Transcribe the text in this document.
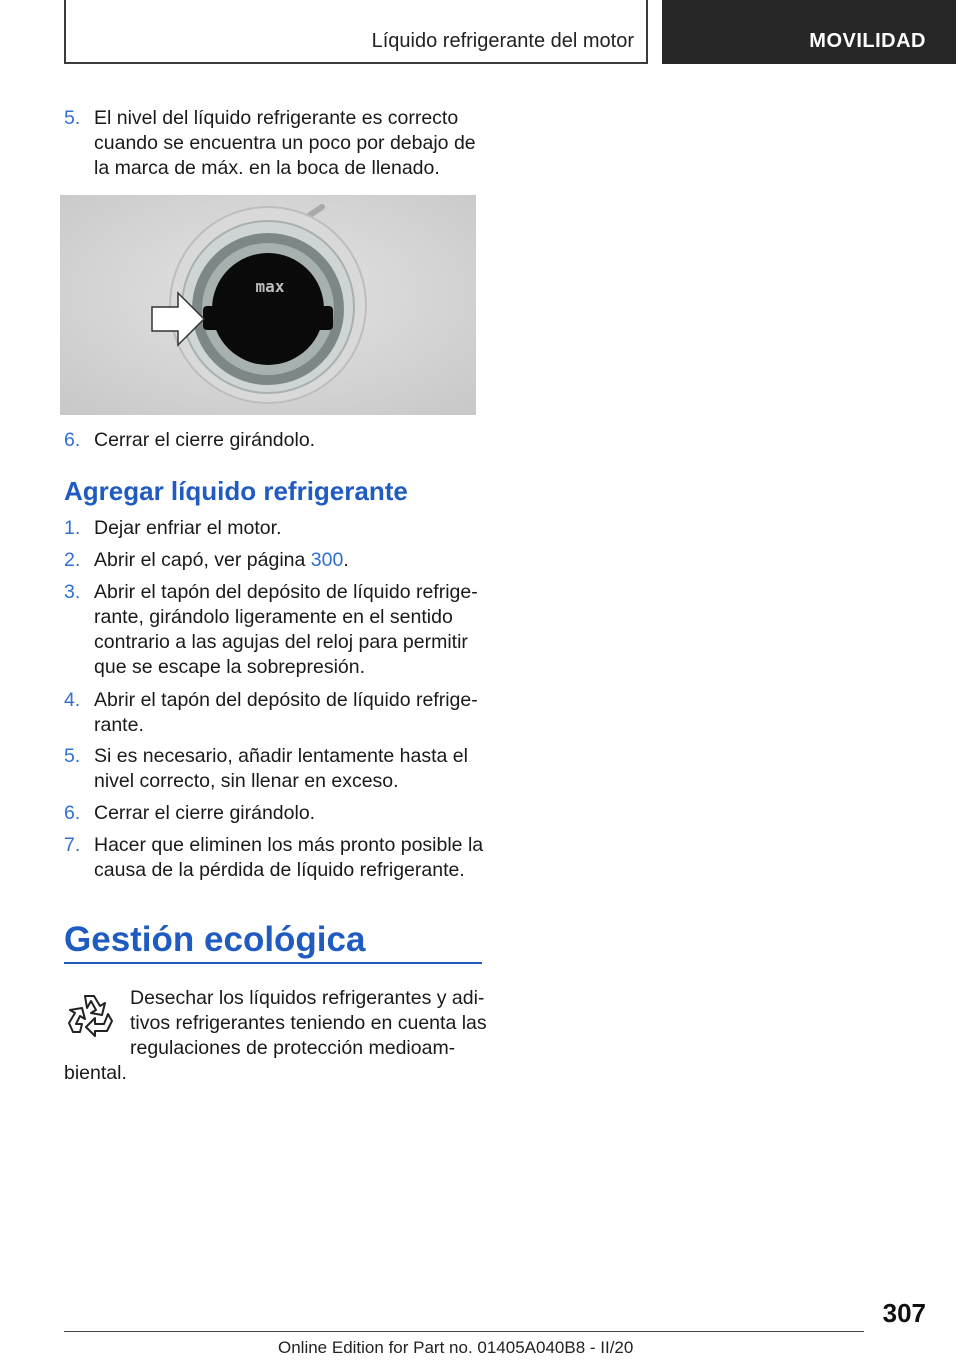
Líquido refrigerante del motor	MOVILIDAD
5. El nivel del líquido refrigerante es correcto
cuando se encuentra un poco por debajo de
la marca de máx. en la boca de llenado.
max
6. Cerrar el cierre girándolo.
Agregar líquido refrigerante
1. Dejar enfriar el motor.
2. Abrir el capó, ver página 300.
3. Abrir el tapón del depósito de líquido refrige-
rante, girándolo ligeramente en el sentido
contrario a las agujas del reloj para permitir
que se escape la sobrepresión.
4. Abrir el tapón del depósito de líquido refrige-
rante.
5. Si es necesario, añadir lentamente hasta el
nivel correcto, sin llenar en exceso.
6. Cerrar el cierre girándolo.
7. Hacer que eliminen los más pronto posible la
causa de la pérdida de líquido refrigerante.
Gestión ecológica
Desechar los líquidos refrigerantes y adi-
tivos refrigerantes teniendo en cuenta las
regulaciones de protección medioam-
biental.
307
Online Edition for Part no. 01405A040B8 - II/20
